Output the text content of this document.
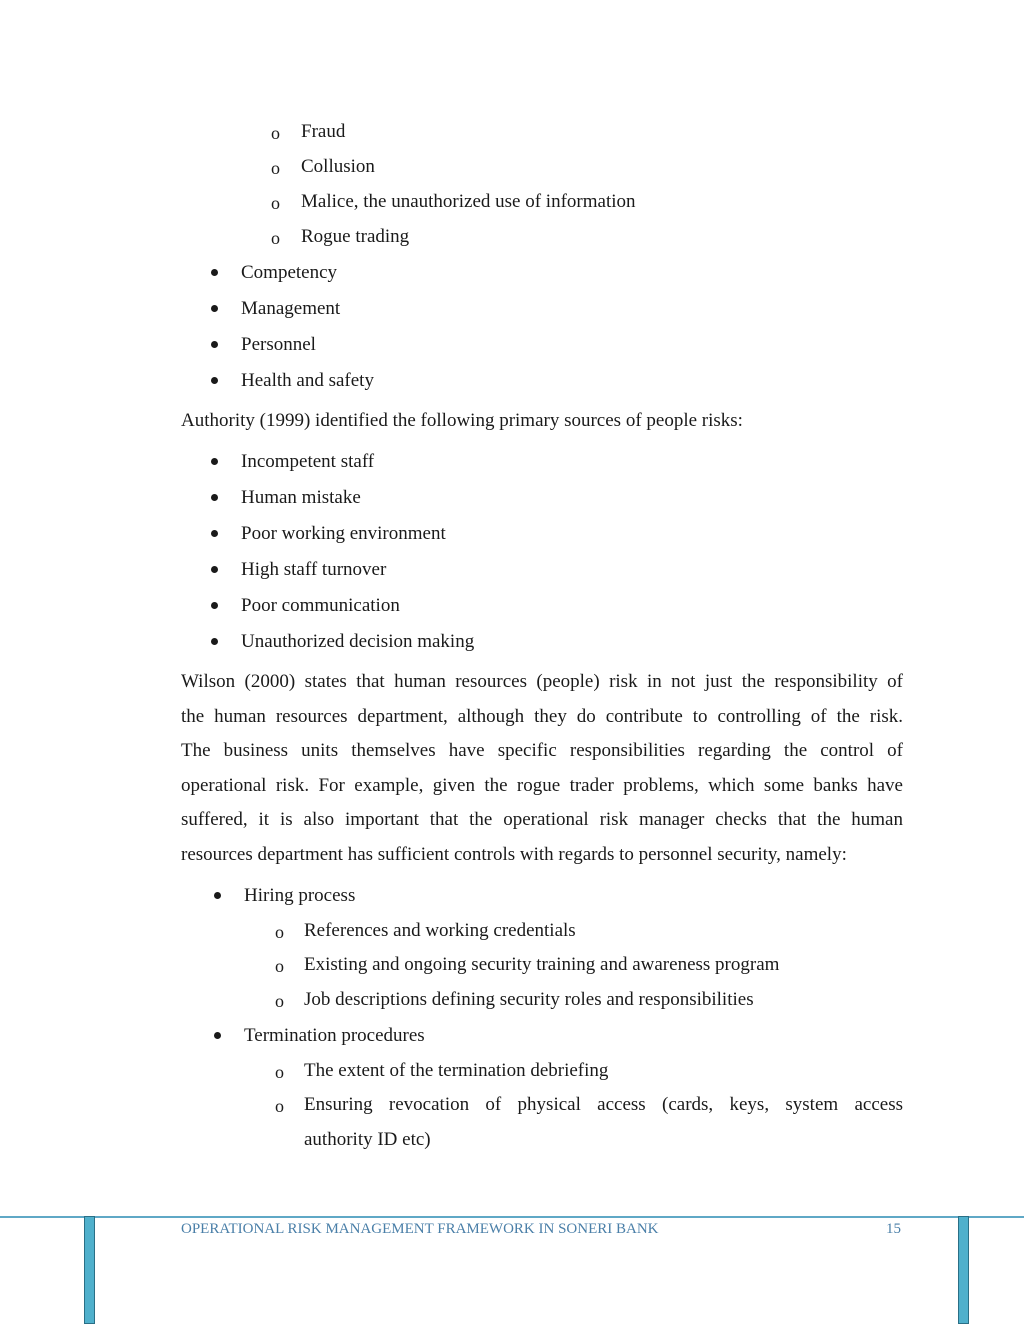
o Fraud
o Collusion
o Malice, the unauthorized use of information
o Rogue trading
Competency
Management
Personnel
Health and safety
Authority (1999) identified the following primary sources of people risks:
Incompetent staff
Human mistake
Poor working environment
High staff turnover
Poor communication
Unauthorized decision making
Wilson (2000) states that human resources (people) risk in not just the responsibility of
the human resources department, although they do contribute to controlling of the risk.
The business units themselves have specific responsibilities regarding the control of
operational risk. For example, given the rogue trader problems, which some banks have
suffered, it is also important that the operational risk manager checks that the human
resources department has sufficient controls with regards to personnel security, namely:
Hiring process
o References and working credentials
o Existing and ongoing security training and awareness program
o Job descriptions defining security roles and responsibilities
Termination procedures
o The extent of the termination debriefing
o Ensuring revocation of physical access (cards, keys, system access
authority ID etc)
OPERATIONAL RISK MANAGEMENT FRAMEWORK IN SONERI BANK	15
